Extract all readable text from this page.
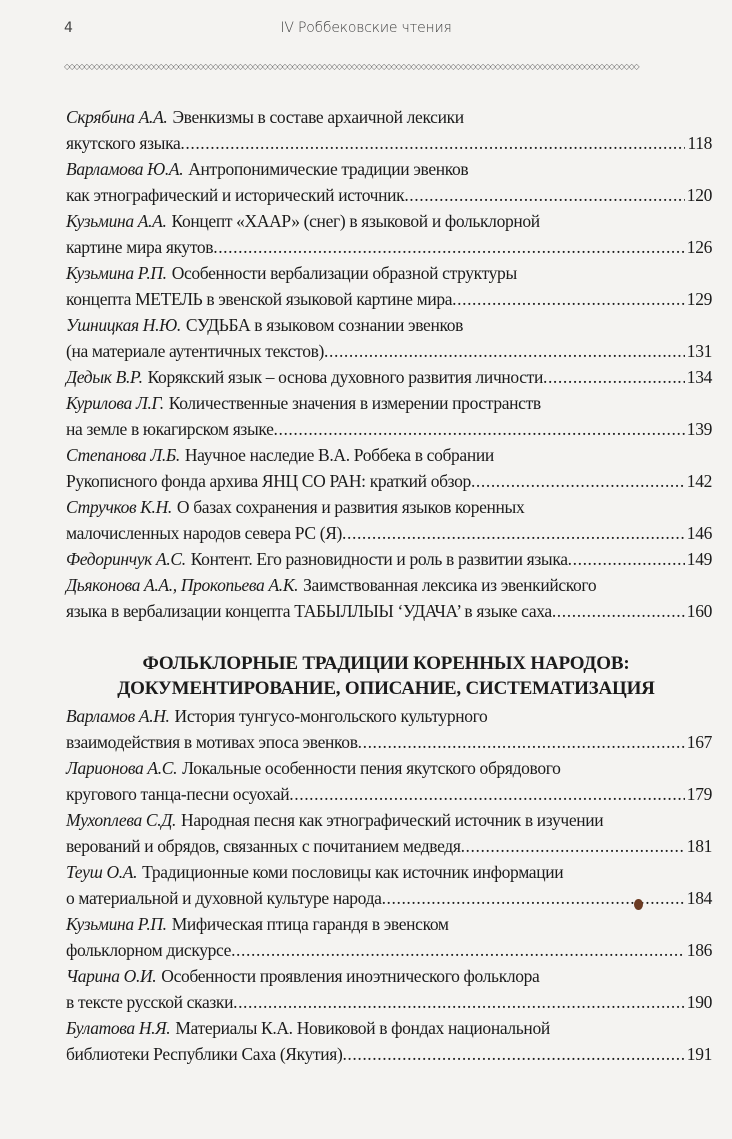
4	IV Роббековские чтения
◇◇◇◇◇◇◇◇◇◇◇◇◇◇◇◇◇◇◇◇◇◇◇◇◇◇◇◇◇◇◇◇◇◇◇◇◇◇◇◇◇◇◇◇◇◇◇◇◇◇◇◇◇◇◇◇◇◇◇◇◇◇◇◇◇◇◇◇◇◇◇◇◇◇◇◇◇◇◇◇◇◇◇◇◇◇◇◇◇◇◇◇◇◇◇◇◇◇◇◇◇◇◇◇◇◇◇◇◇◇◇◇◇◇◇◇
Скрябина А.А. Эвенкизмы в составе архаичной лексики
якутского языка .....	118
Варламова Ю.А. Антропонимические традиции эвенков
как этнографический и исторический источник .....	120
Кузьмина А.А. Концепт «ХААР» (снег) в языковой и фольклорной
картине мира якутов .....	126
Кузьмина Р.П. Особенности вербализации образной структуры
концепта МЕТЕЛЬ в эвенской языковой картине мира .....	129
Ушницкая Н.Ю. СУДЬБА в языковом сознании эвенков
(на материале аутентичных текстов) .....	131
Дедык В.Р. Корякский язык – основа духовного развития личности .....	134
Курилова Л.Г. Количественные значения в измерении пространств
на земле в юкагирском языке .....	139
Степанова Л.Б. Научное наследие В.А. Роббека в собрании
Рукописного фонда архива ЯНЦ СО РАН: краткий обзор .....	142
Стручков К.Н. О базах сохранения и развития языков коренных
малочисленных народов севера РС (Я) .....	146
Федоринчук А.С. Контент. Его разновидности и роль в развитии языка .....	149
Дьяконова А.А., Прокопьева А.К. Заимствованная лексика из эвенкийского
языка в вербализации концепта ТАБЫЛЛЫЫ ‘УДАЧА’ в языке саха .....	160
ФОЛЬКЛОРНЫЕ ТРАДИЦИИ КОРЕННЫХ НАРОДОВ:
ДОКУМЕНТИРОВАНИЕ, ОПИСАНИЕ, СИСТЕМАТИЗАЦИЯ
Варламов А.Н. История тунгусо-монгольского культурного
взаимодействия в мотивах эпоса эвенков .....	167
Ларионова А.С. Локальные особенности пения якутского обрядового
кругового танца-песни осуохай .....	179
Мухоплева С.Д. Народная песня как этнографический источник в изучении
верований и обрядов, связанных с почитанием медведя .....	181
Теуш О.А. Традиционные коми пословицы как источник информации
о материальной и духовной культуре народа .....	184
Кузьмина Р.П. Мифическая птица гарандя в эвенском
фольклорном дискурсе .....	186
Чарина О.И. Особенности проявления иноэтнического фольклора
в тексте русской сказки .....	190
Булатова Н.Я. Материалы К.А. Новиковой в фондах национальной
библиотеки Республики Саха (Якутия) .....	191
